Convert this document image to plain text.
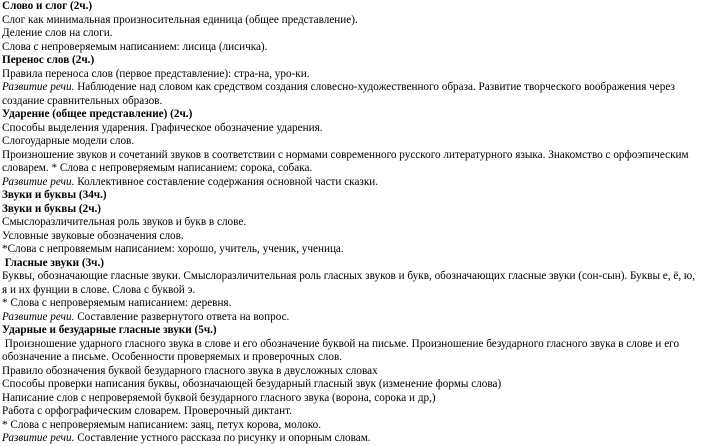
Слово и слог (2ч.)
Слог как минимальная произносительная единица (общее представление).
Деление слов на слоги.
Слова с непроверяемым написанием: лисица (лисичка).
Перенос слов (2ч.)
Правила переноса слов (первое представление): стра-на, уро-ки.
Развитие речи. Наблюдение над словом как средством создания словесно-художественного образа. Развитие творческого воображения через создание сравнительных образов.
Ударение (общее представление) (2ч.)
Способы выделения ударения. Графическое обозначение ударения.
Слогоударные модели слов.
Произношение звуков и сочетаний звуков в соответствии с нормами современного русского литературного языка. Знакомство с орфоэпическим словарем. * Слова с непроверяемым написанием: сорока, собака.
Развитие речи. Коллективное составление содержания основной части сказки.
Звуки и буквы (34ч.)
Звуки и буквы (2ч.)
Смыслоразличительная роль звуков и букв в слове.
Условные звуковые обозначения слов.
*Слова с непровяемым написанием: хорошо, учитель, ученик, ученица.
Гласные звуки (3ч.)
Буквы, обозначающие гласные звуки. Смыслоразличительная роль гласных звуков и букв, обозначающих гласные звуки (сон-сын). Буквы е, ё, ю, я и их фунции в слове. Слова с буквой э.
* Слова с непроверяемым написанием: деревня.
Развитие речи. Составление развернутого ответа на вопрос.
Ударные и безударные гласные звуки (5ч.)
Произношение ударного гласного звука в слове и его обозначение буквой на письме. Произношение безударного гласного звука в слове и его обозначение а письме. Особенности проверяемых и проверочных слов.
Правило обозначения буквой безударного гласного звука в двусложных словах
Способы проверки написания буквы, обозначающей безударный гласный звук (изменение формы слова)
Написание слов с непроверяемой буквой безударного гласного звука (ворона, сорока и др,)
Работа с орфографическим словарем. Проверочный диктант.
* Слова с непроверяемым написанием: заяц, петух корова, молоко.
Развитие речи. Составление устного рассказа по рисунку и опорным словам.
